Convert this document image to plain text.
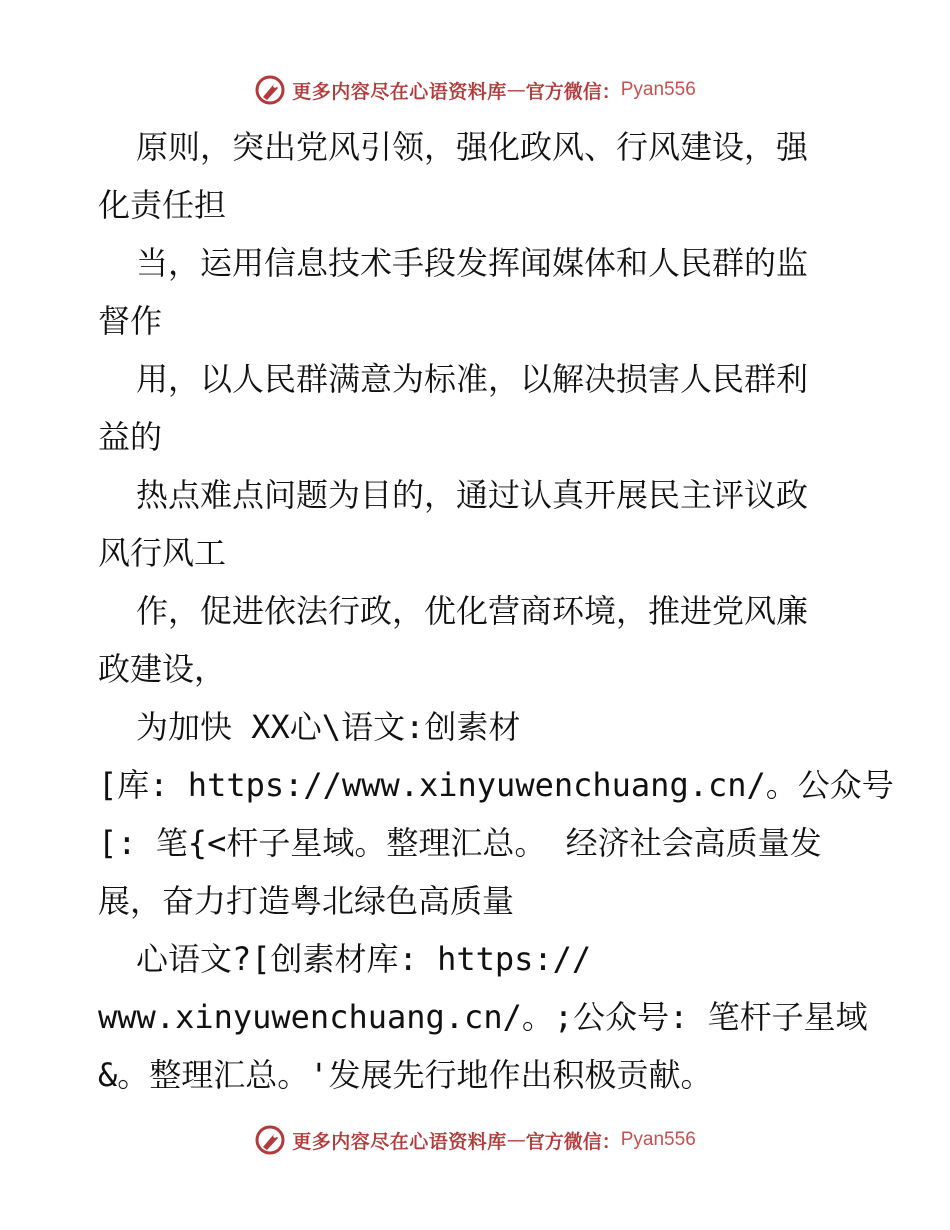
更多内容尽在心语资料库 — 官方微信： Pyan556
原则，突出党风引领，强化政风、行风建设，强
化责任担
当，运用信息技术手段发挥闻媒体和人民群的监
督作
用，以人民群满意为标准，以解决损害人民群利
益的
热点难点问题为目的，通过认真开展民主评议政
风行风工
作，促进依法行政，优化营商环境，推进党风廉
政建设，
为加快 XX心\语文:创素材
[库: https://www.xinyuwenchuang.cn/。公众号
[: 笔{<杆子星域。整理汇总。 经济社会高质量发
展，奋力打造粤北绿色高质量
心语文?[创素材库: https://
www.xinyuwenchuang.cn/。;公众号: 笔杆子星域
&。整理汇总。'发展先行地作出积极贡献。
更多内容尽在心语资料库 — 官方微信： Pyan556
